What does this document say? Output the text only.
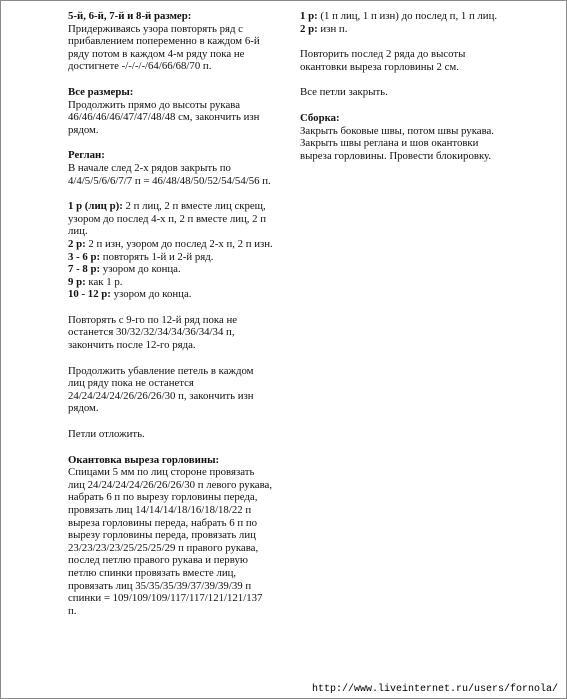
5-й, 6-й, 7-й и 8-й размер:

Придерживаясь узора повторять ряд с прибавлением попеременно в каждом 6-й ряду потом в каждом 4-м ряду пока не достигнете -/-/-/-/64/66/68/70 п.

Все размеры:

Продолжить прямо до высоты рукава 46/46/46/46/47/47/48/48 см, закончить изн рядом.

Реглан:

В начале след 2-х рядов закрыть по 4/4/5/5/6/6/7/7 п = 46/48/48/50/52/54/54/56 п.

1 р (лиц р): 2 п лиц, 2 п вместе лиц скрещ, узором до послед 4-х п, 2 п вместе лиц, 2 п лиц.

2 р: 2 п изн, узором до послед 2-х п, 2 п изн.

3 - 6 р: повторять 1-й и 2-й ряд.

7 - 8 р: узором до конца.

9 р: как 1 р.

10 - 12 р: узором до конца.

Повторять с 9-го по 12-й ряд пока не останется 30/32/32/34/34/36/34/34 п, закончить после 12-го ряда.

Продолжить убавление петель в каждом лиц ряду пока не останется 24/24/24/24/26/26/26/30 п, закончить изн рядом.

Петли отложить.

Окантовка выреза горловины:

Спицами 5 мм по лиц стороне провязать лиц 24/24/24/24/26/26/26/30 п левого рукава, набрать 6 п по вырезу горловины переда, провязать лиц 14/14/14/18/16/18/18/22 п выреза горловины переда, набрать 6 п по вырезу горловины переда, провязать лиц 23/23/23/23/25/25/25/29 п правого рукава, послед петлю правого рукава и первую петлю спинки провязать вместе лиц, провязать лиц 35/35/35/39/37/39/39/39 п спинки = 109/109/109/117/117/121/121/137 п.

1 р: (1 п лиц, 1 п изн) до послед п, 1 п лиц.

2 р: изн п.

Повторить послед 2 ряда до высоты окантовки выреза горловины 2 см.

Все петли закрыть.

Сборка:

Закрыть боковые швы, потом швы рукава. Закрыть швы реглана и шов окантовки выреза горловины. Провести блокировку.

http://www.liveinternet.ru/users/fornola/
